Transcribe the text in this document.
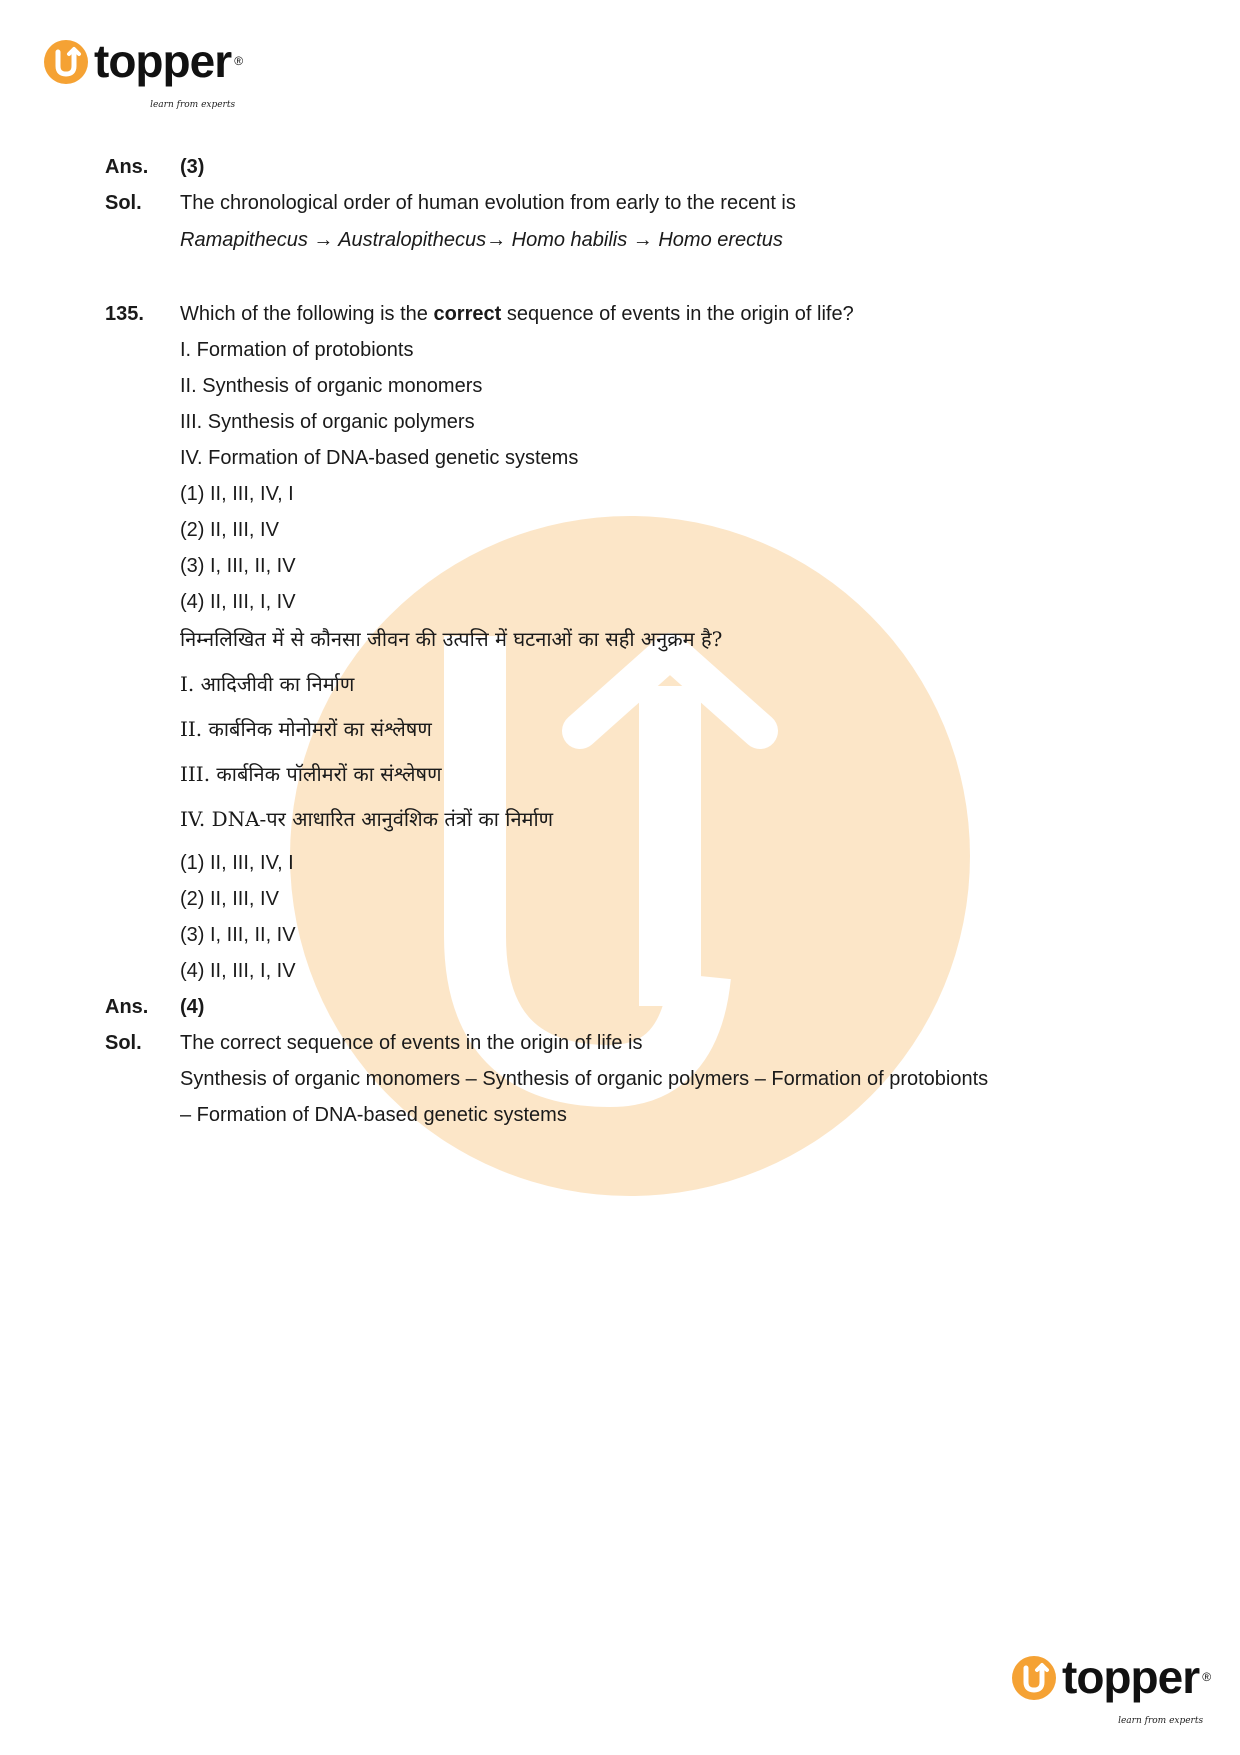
topper ®
learn from experts
Ans. (3)
Sol. The chronological order of human evolution from early to the recent is
Ramapithecus → Australopithecus→ Homo habilis → Homo erectus
135. Which of the following is the correct sequence of events in the origin of life?
I. Formation of protobionts
II. Synthesis of organic monomers
III. Synthesis of organic polymers
IV. Formation of DNA-based genetic systems
(1) II, III, IV, I
(2) II, III, IV
(3) I, III, II, IV
(4) II, III, I, IV
निम्नलिखित में से कौनसा जीवन की उत्पत्ति में घटनाओं का सही अनुक्रम है?
I. आदिजीवी का निर्माण
II. कार्बनिक मोनोमरों का संश्लेषण
III. कार्बनिक पॉलीमरों का संश्लेषण
IV. DNA-पर आधारित आनुवंशिक तंत्रों का निर्माण
(1) II, III, IV, I
(2) II, III, IV
(3) I, III, II, IV
(4) II, III, I, IV
Ans. (4)
Sol. The correct sequence of events in the origin of life is
Synthesis of organic monomers – Synthesis of organic polymers – Formation of protobionts
– Formation of DNA-based genetic systems
topper ®
learn from experts
